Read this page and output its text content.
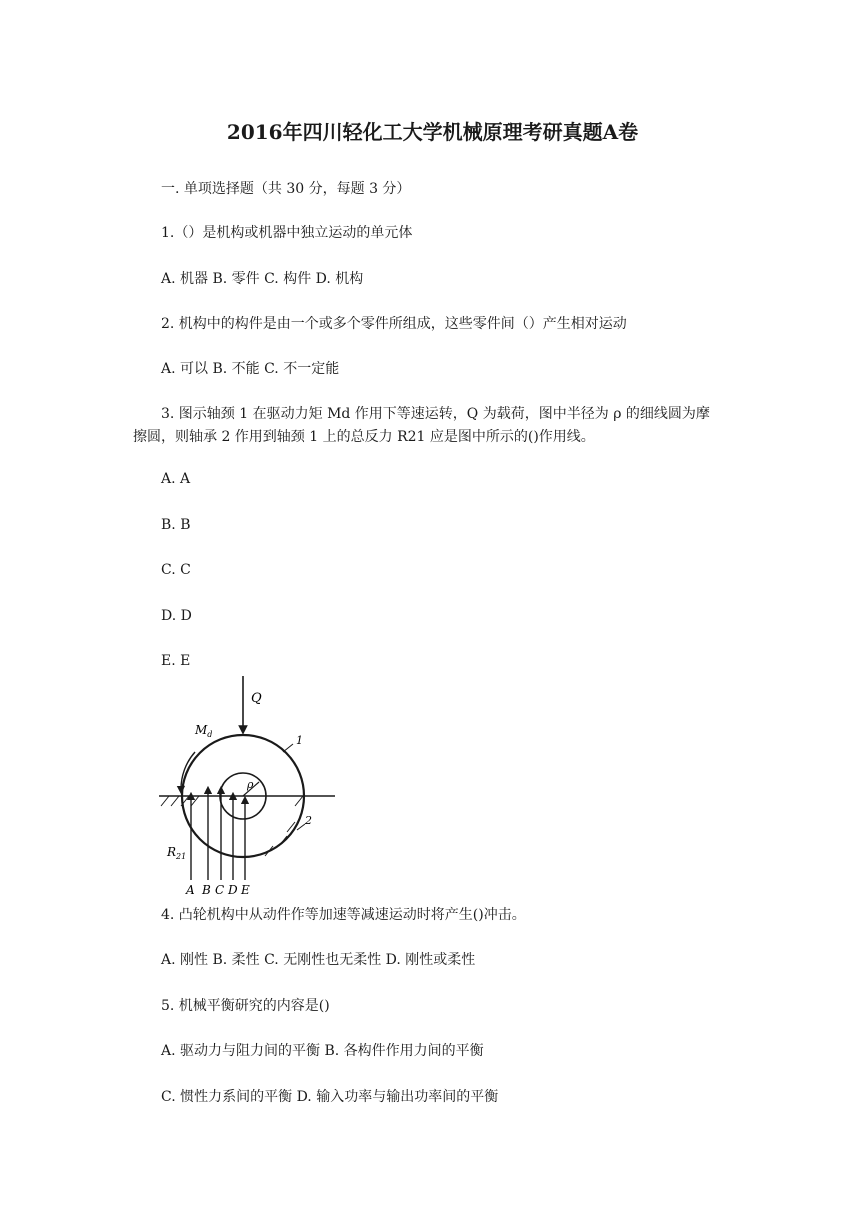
2016年四川轻化工大学机械原理考研真题A卷
一. 单项选择题（共 30 分，每题 3 分）
1.（）是机构或机器中独立运动的单元体
A. 机器 B. 零件 C. 构件 D. 机构
2. 机构中的构件是由一个或多个零件所组成，这些零件间（）产生相对运动
A. 可以 B. 不能 C. 不一定能
3. 图示轴颈 1 在驱动力矩 Md 作用下等速运转，Q 为载荷，图中半径为 ρ 的细线圆为摩
擦圆，则轴承 2 作用到轴颈 1 上的总反力 R21 应是图中所示的()作用线。
A. A
B. B
C. C
D. D
E. E
Q
$M_d$
ρ
1
2
$R_{21}$
A B C D E
4. 凸轮机构中从动件作等加速等减速运动时将产生()冲击。
A. 刚性 B. 柔性 C. 无刚性也无柔性 D. 刚性或柔性
5. 机械平衡研究的内容是()
A. 驱动力与阻力间的平衡 B. 各构件作用力间的平衡
C. 惯性力系间的平衡 D. 输入功率与输出功率间的平衡
